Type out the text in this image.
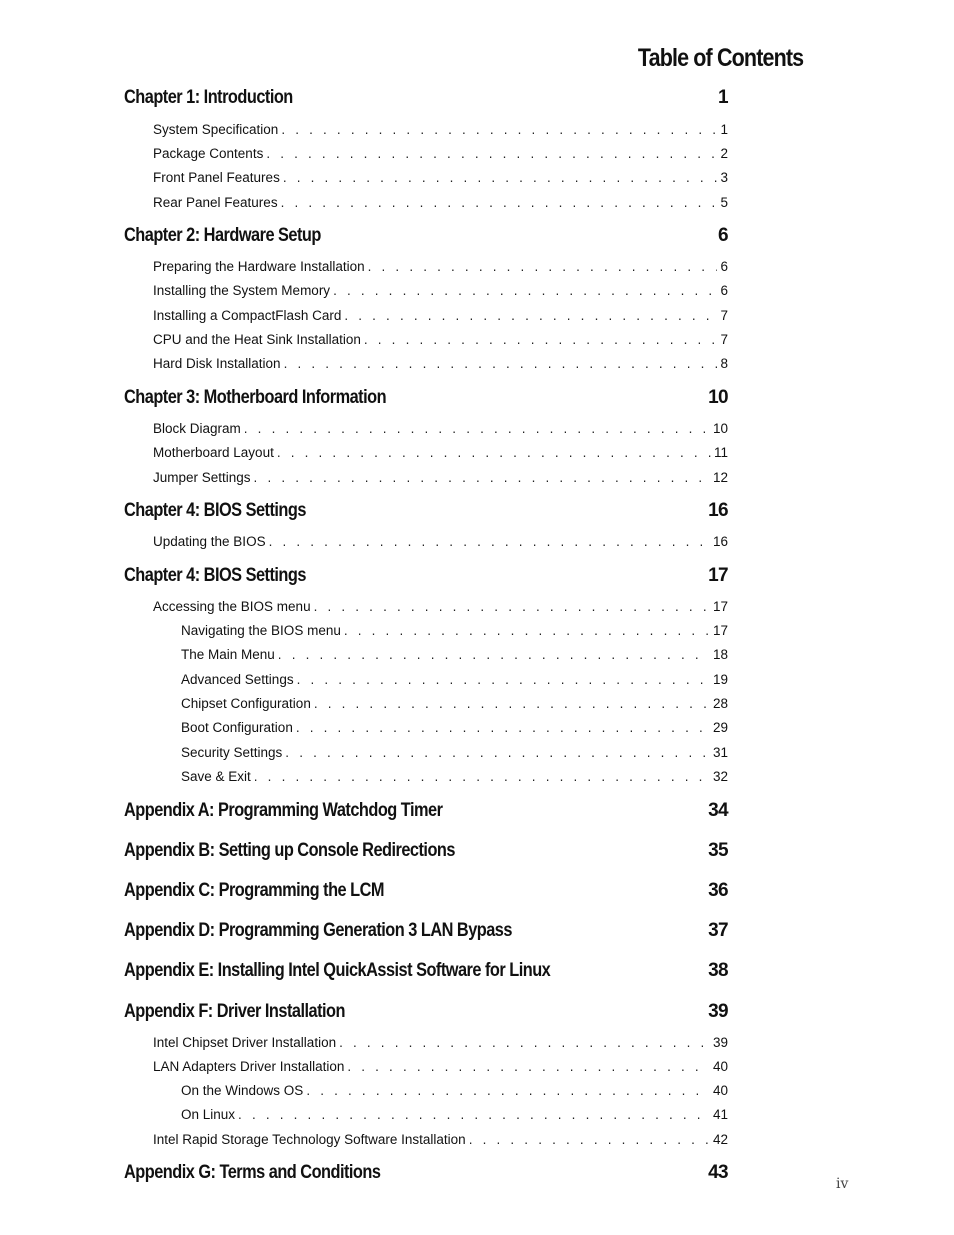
Table of Contents
Chapter 1: Introduction	1
System Specification . . .	1
Package Contents . . .	2
Front Panel Features . . .	3
Rear Panel Features . . .	5
Chapter 2: Hardware Setup	6
Preparing the Hardware Installation . . .	6
Installing the System Memory . . .	6
Installing a CompactFlash Card . . .	7
CPU and the Heat Sink Installation . . .	7
Hard Disk Installation . . .	8
Chapter 3: Motherboard Information	10
Block Diagram . . .	10
Motherboard Layout . . .	11
Jumper Settings . . .	12
Chapter 4: BIOS Settings	16
Updating the BIOS . . .	16
Chapter 4: BIOS Settings	17
Accessing the BIOS menu . . .	17
Navigating the BIOS menu . . .	17
The Main Menu . . .	18
Advanced Settings . . .	19
Chipset Configuration . . .	28
Boot Configuration . . .	29
Security Settings . . .	31
Save & Exit . . .	32
Appendix A: Programming Watchdog Timer	34
Appendix B: Setting up Console Redirections	35
Appendix C: Programming the LCM	36
Appendix D: Programming Generation 3 LAN Bypass	37
Appendix E: Installing Intel QuickAssist Software for Linux	38
Appendix F: Driver Installation	39
Intel Chipset Driver Installation . . .	39
LAN Adapters Driver Installation . . .	40
On the Windows OS . . .	40
On Linux . . .	41
Intel Rapid Storage Technology Software Installation . . .	42
Appendix G: Terms and Conditions	43
iv
